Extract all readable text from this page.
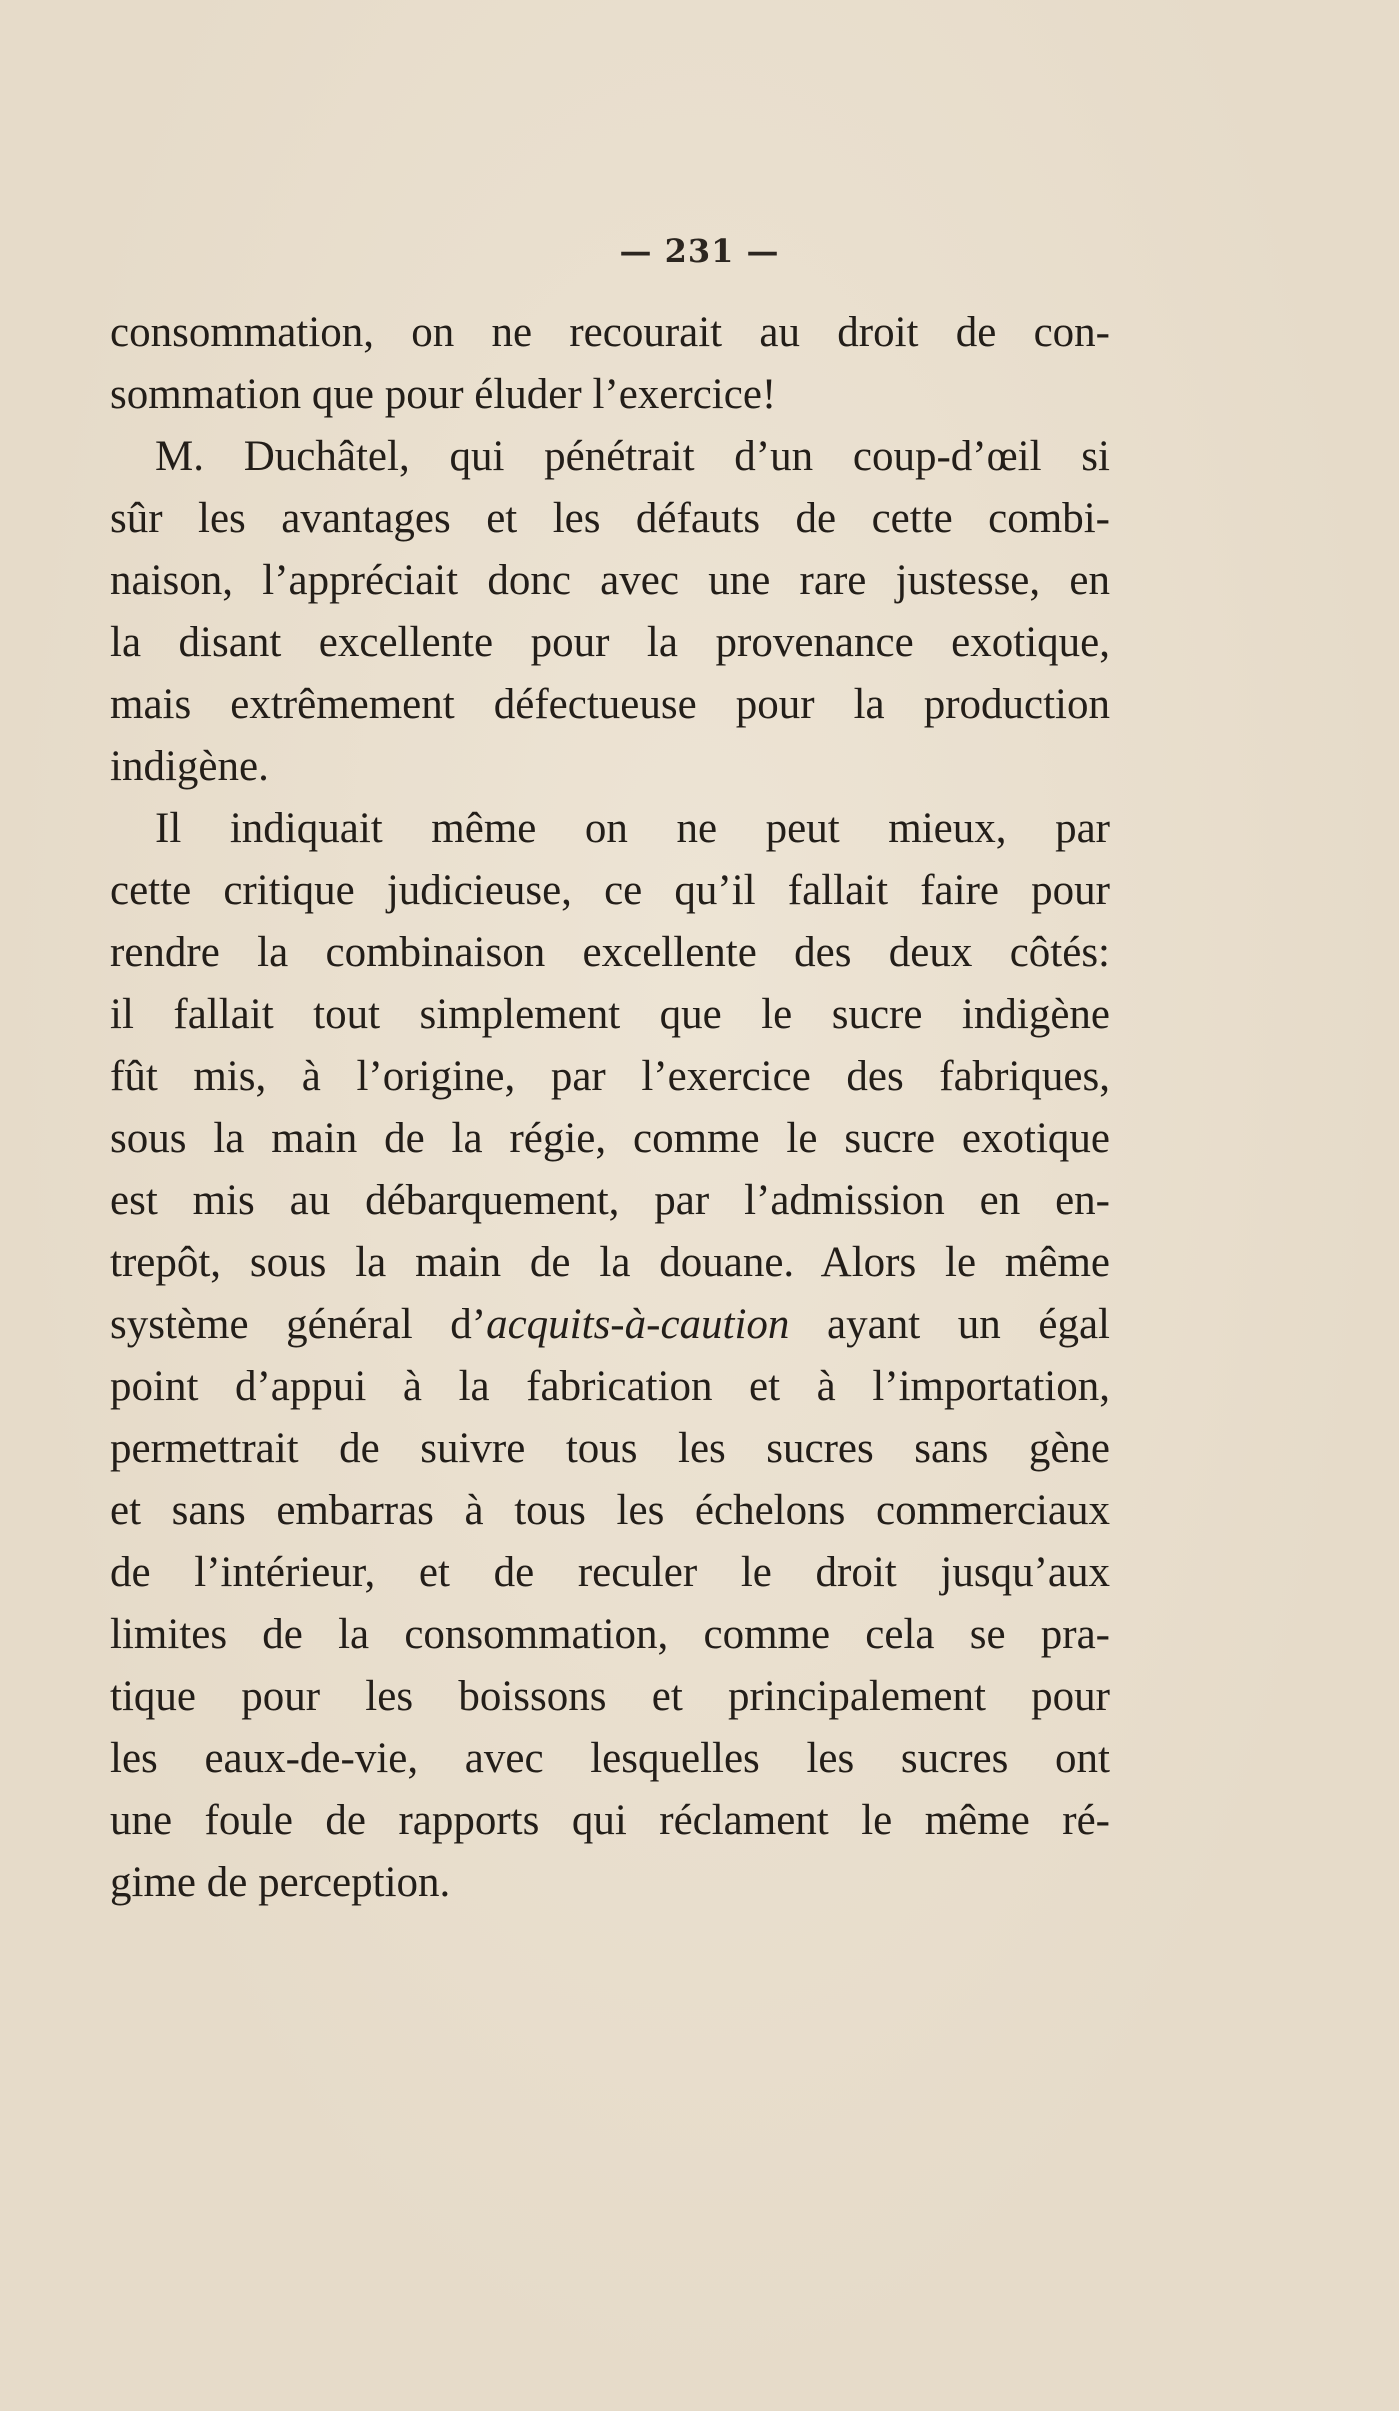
— 231 —
consommation, on ne recourait au droit de con-
sommation que pour éluder l’exercice!
M. Duchâtel, qui pénétrait d’un coup-d’œil si
sûr les avantages et les défauts de cette combi-
naison, l’appréciait donc avec une rare justesse, en
la disant excellente pour la provenance exotique,
mais extrêmement défectueuse pour la production
indigène.
Il indiquait même on ne peut mieux, par
cette critique judicieuse, ce qu’il fallait faire pour
rendre la combinaison excellente des deux côtés:
il fallait tout simplement que le sucre indigène
fût mis, à l’origine, par l’exercice des fabriques,
sous la main de la régie, comme le sucre exotique
est mis au débarquement, par l’admission en en-
trepôt, sous la main de la douane. Alors le même
système général d’acquits-à-caution ayant un égal
point d’appui à la fabrication et à l’importation,
permettrait de suivre tous les sucres sans gène
et sans embarras à tous les échelons commerciaux
de l’intérieur, et de reculer le droit jusqu’aux
limites de la consommation, comme cela se pra-
tique pour les boissons et principalement pour
les eaux-de-vie, avec lesquelles les sucres ont
une foule de rapports qui réclament le même ré-
gime de perception.
